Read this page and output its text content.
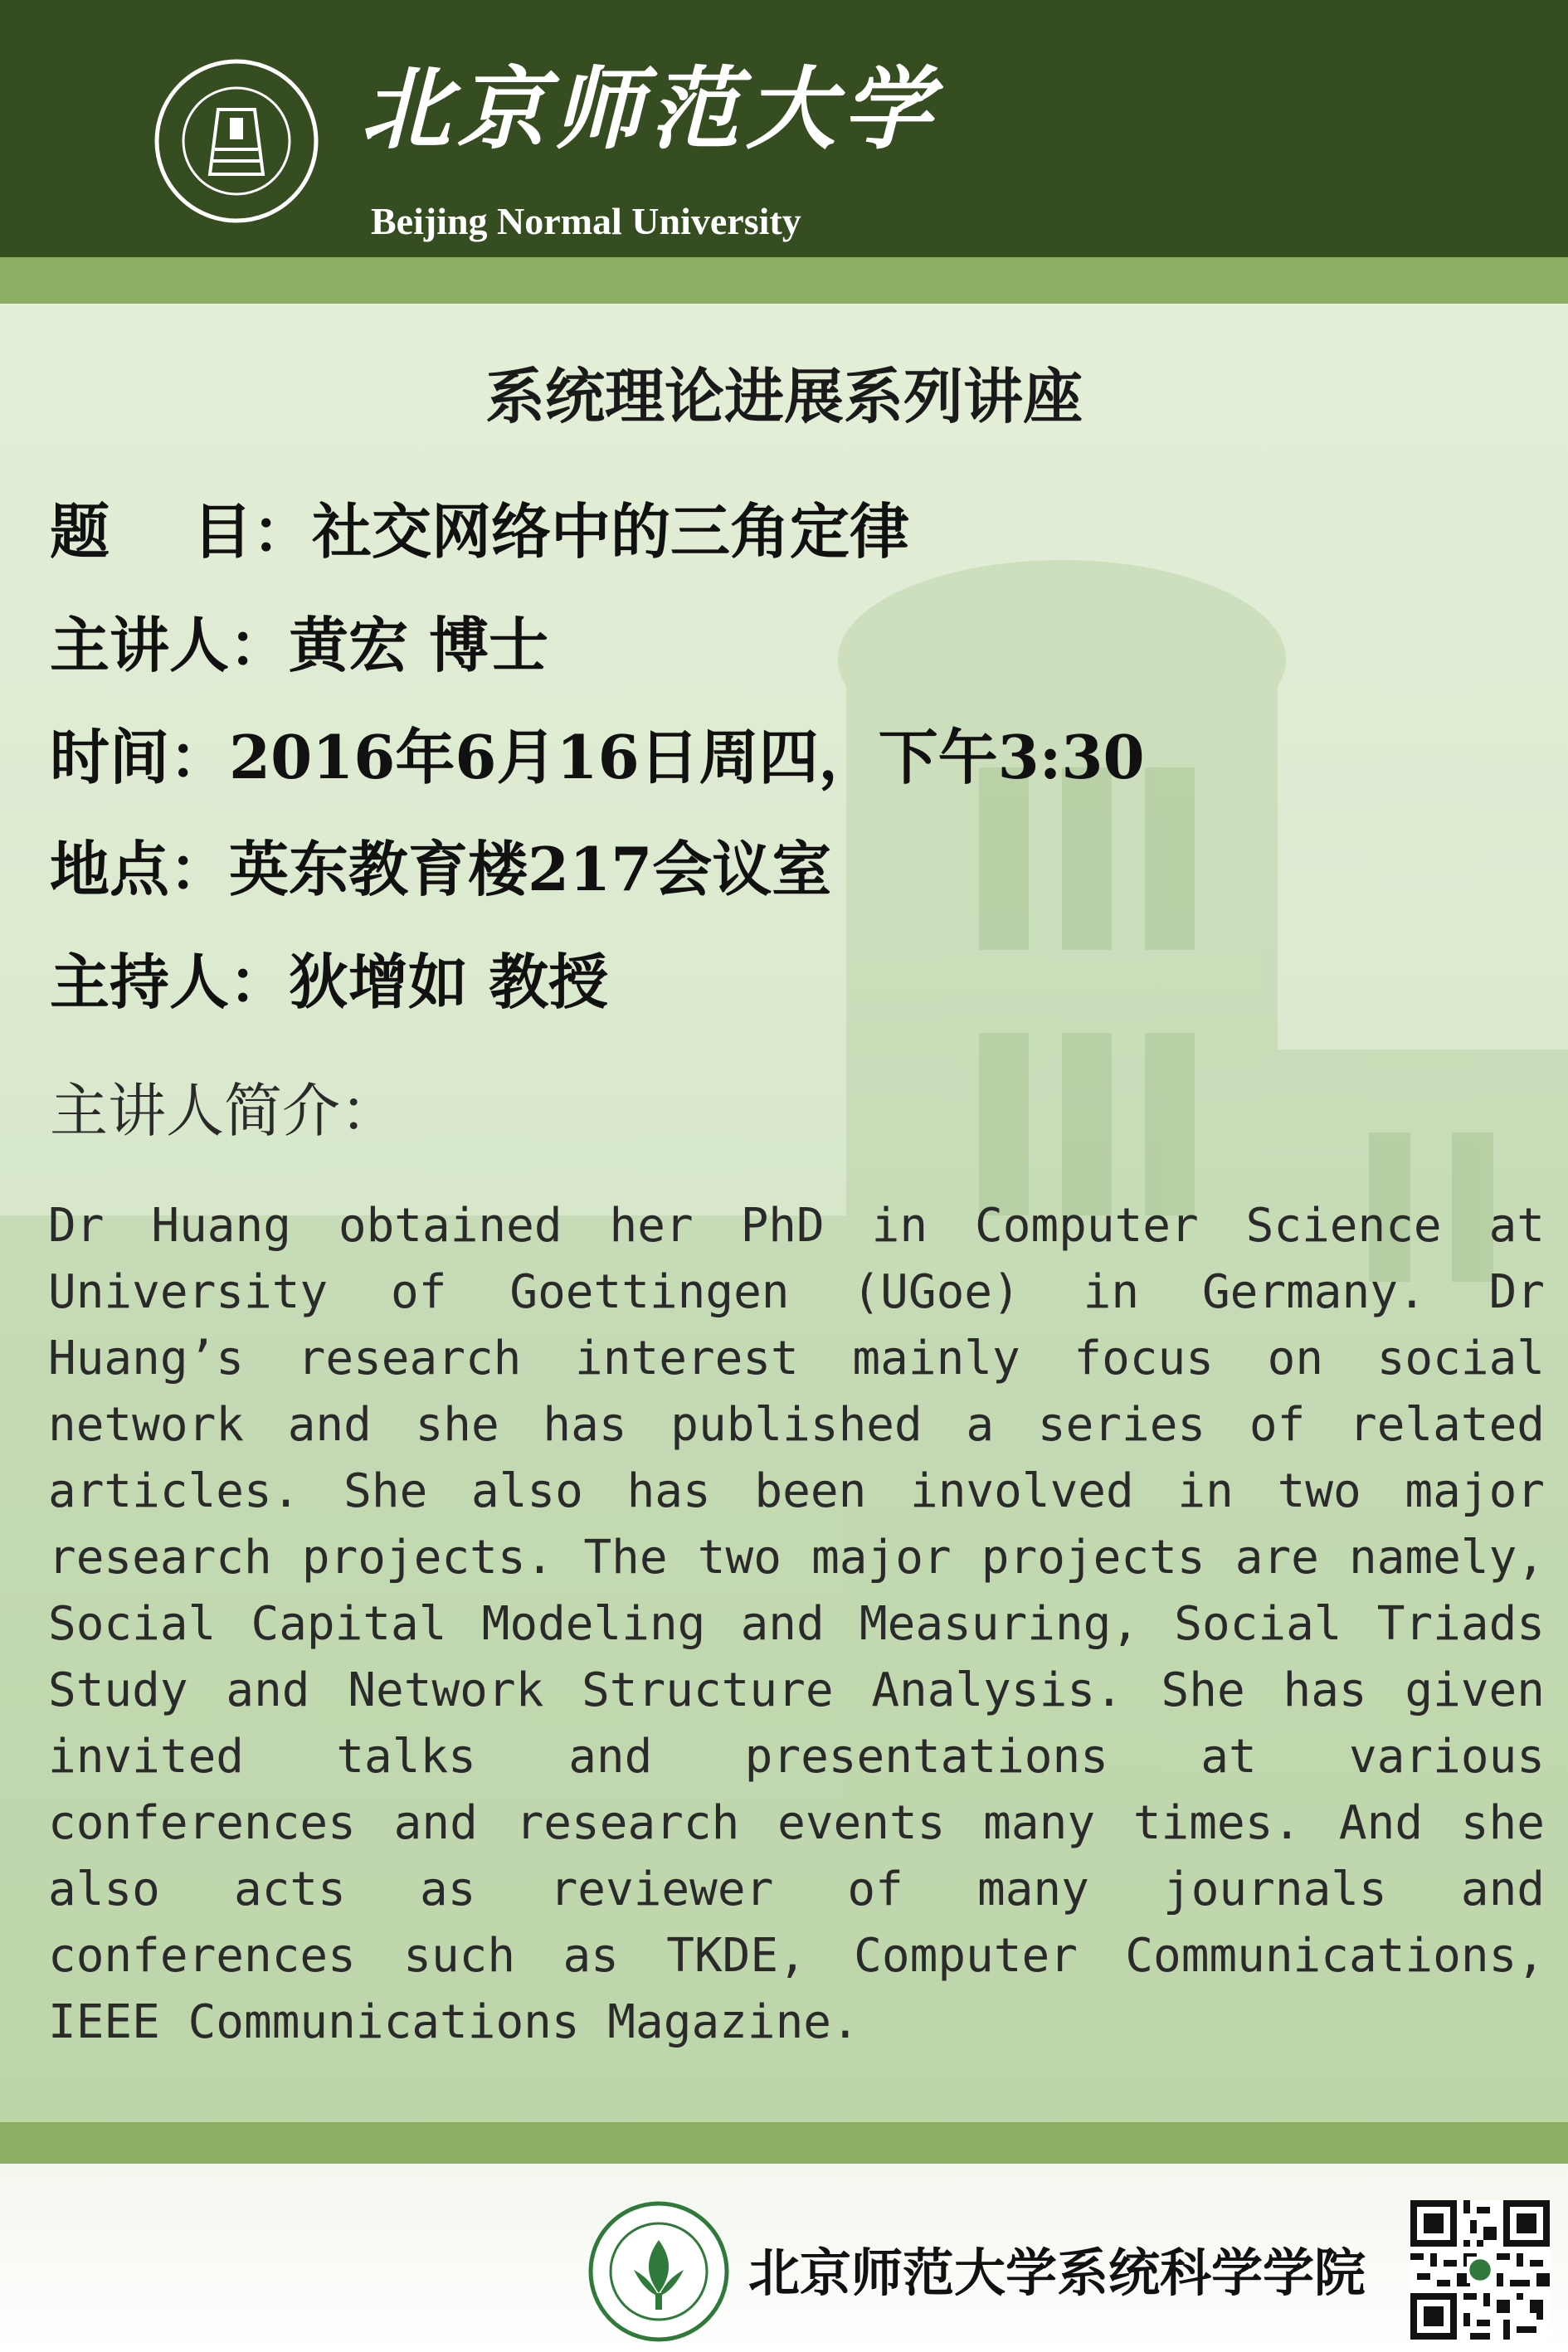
北京师范大学
Beijing Normal University
系统理论进展系列讲座
题 目：社交网络中的三角定律
主讲人：黄宏 博士
时间：2016年6月16日周四，下午3:30
地点：英东教育楼217会议室
主持人：狄增如 教授
主讲人简介：

Dr Huang obtained her PhD in Computer Science at University of Goettingen (UGoe) in Germany. Dr Huang’s research interest mainly focus on social network and she has published a series of related articles. She also has been involved in two major research projects. The two major projects are namely, Social Capital Modeling and Measuring, Social Triads Study and Network Structure Analysis. She has given invited talks and presentations at various conferences and research events many times. And she also acts as reviewer of many journals and conferences such as TKDE, Computer Communications, IEEE Communications Magazine.

北京师范大学系统科学学院
